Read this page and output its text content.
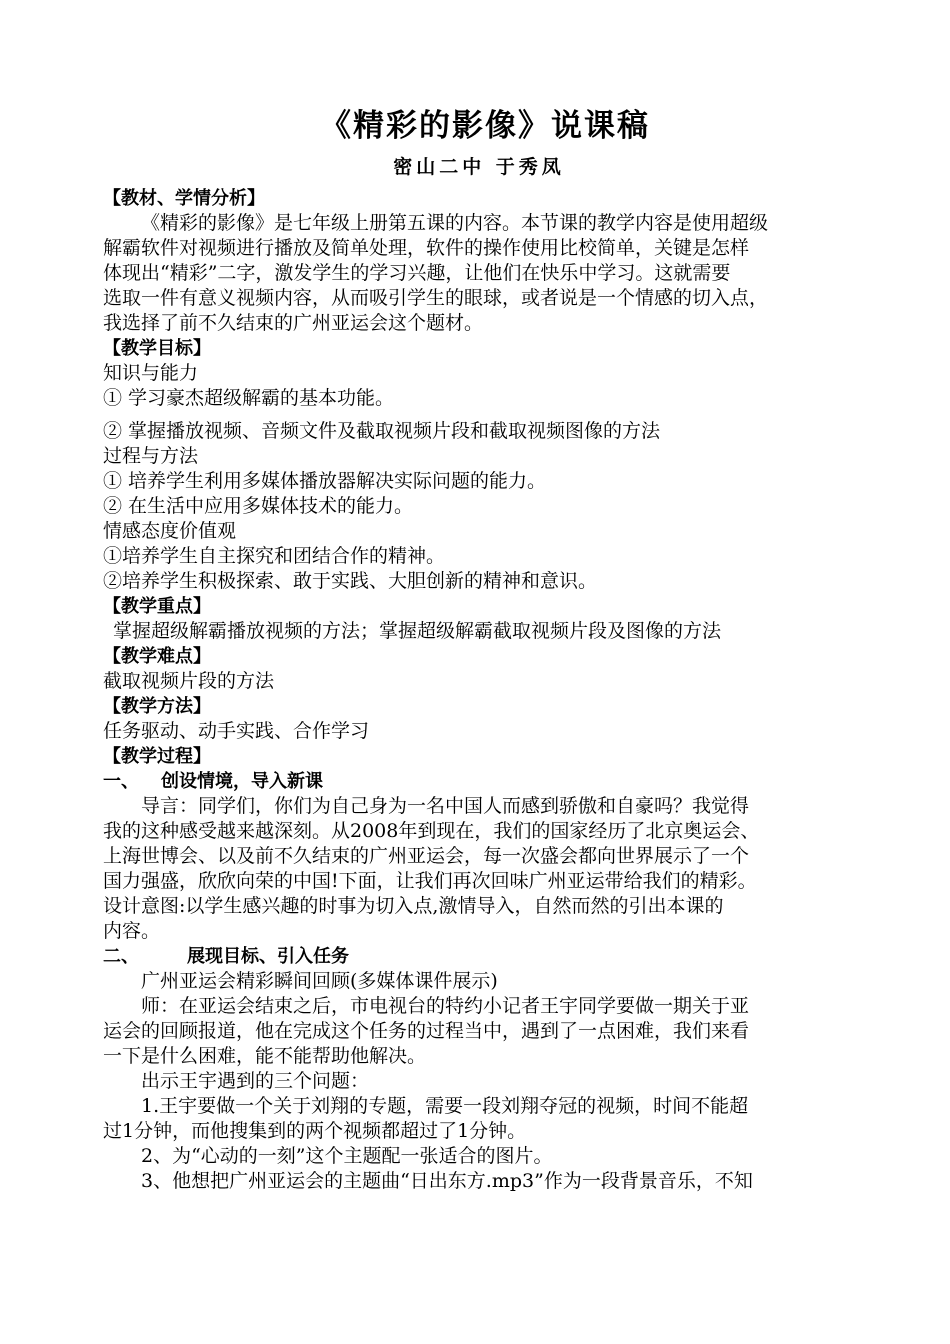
《精彩的影像》说课稿
密山二中 于秀凤
【教材、学情分析】
《精彩的影像》是七年级上册第五课的内容。本节课的教学内容是使用超级
解霸软件对视频进行播放及简单处理，软件的操作使用比校简单，关键是怎样
体现出“精彩”二字，激发学生的学习兴趣，让他们在快乐中学习。这就需要
选取一件有意义视频内容，从而吸引学生的眼球，或者说是一个情感的切入点，
我选择了前不久结束的广州亚运会这个题材。
【教学目标】
知识与能力
① 学习豪杰超级解霸的基本功能。
② 掌握播放视频、音频文件及截取视频片段和截取视频图像的方法
过程与方法
① 培养学生利用多媒体播放器解决实际问题的能力。
② 在生活中应用多媒体技术的能力。
情感态度价值观
①培养学生自主探究和团结合作的精神。
②培养学生积极探索、敢于实践、大胆创新的精神和意识。
【教学重点】
掌握超级解霸播放视频的方法；掌握超级解霸截取视频片段及图像的方法
【教学难点】
截取视频片段的方法
【教学方法】
任务驱动、动手实践、合作学习
【教学过程】
一、 创设情境，导入新课
导言：同学们，你们为自己身为一名中国人而感到骄傲和自豪吗？我觉得
我的这种感受越来越深刻。从2008年到现在，我们的国家经历了北京奥运会、
上海世博会、以及前不久结束的广州亚运会，每一次盛会都向世界展示了一个
国力强盛，欣欣向荣的中国!下面，让我们再次回味广州亚运带给我们的精彩。
设计意图:以学生感兴趣的时事为切入点,激情导入，自然而然的引出本课的
内容。
二、	展现目标、引入任务
广州亚运会精彩瞬间回顾(多媒体课件展示)
师：在亚运会结束之后，市电视台的特约小记者王宇同学要做一期关于亚
运会的回顾报道，他在完成这个任务的过程当中，遇到了一点困难，我们来看
一下是什么困难，能不能帮助他解决。
出示王宇遇到的三个问题：
1.王宇要做一个关于刘翔的专题，需要一段刘翔夺冠的视频，时间不能超
过1分钟，而他搜集到的两个视频都超过了1分钟。
2、为“心动的一刻”这个主题配一张适合的图片。
3、他想把广州亚运会的主题曲“日出东方.mp3”作为一段背景音乐，不知
